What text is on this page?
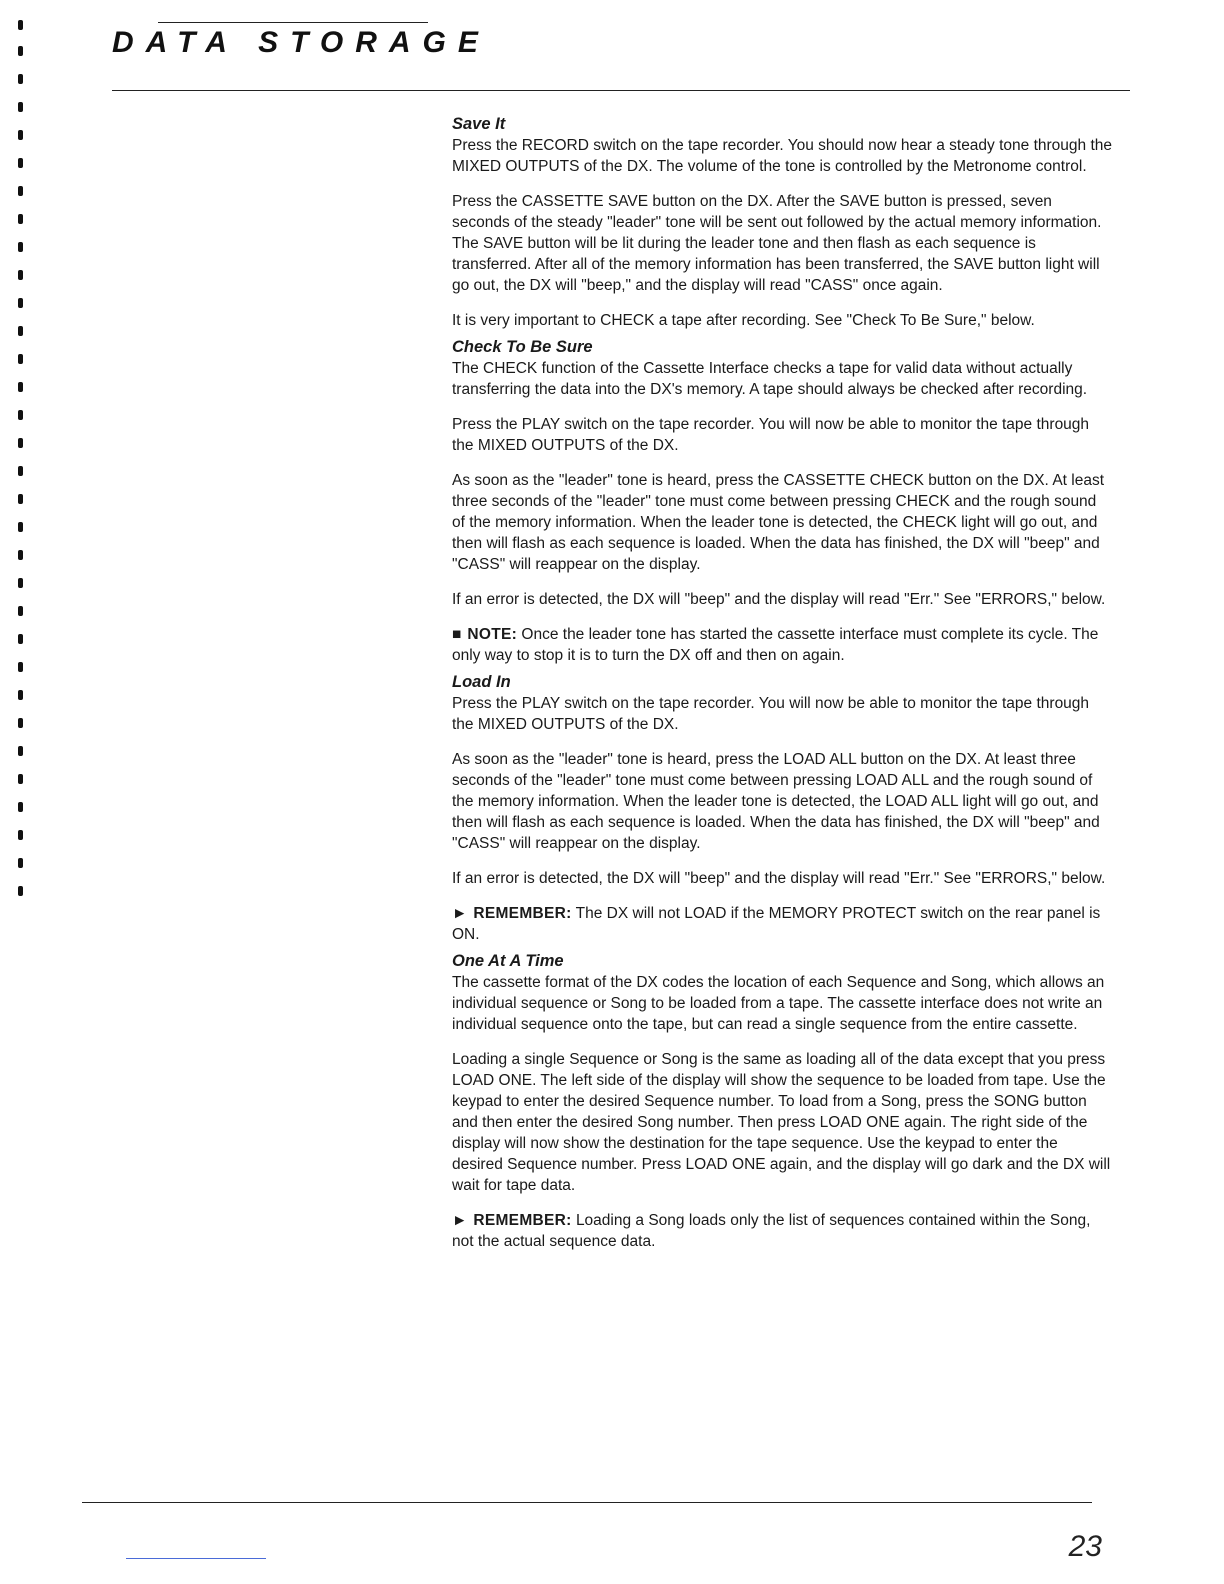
DATA STORAGE
Save It

Press the RECORD switch on the tape recorder. You should now hear a steady tone through the MIXED OUTPUTS of the DX. The volume of the tone is controlled by the Metronome control.

Press the CASSETTE SAVE button on the DX. After the SAVE button is pressed, seven seconds of the steady "leader" tone will be sent out followed by the actual memory information. The SAVE button will be lit during the leader tone and then flash as each sequence is transferred. After all of the memory information has been transferred, the SAVE button light will go out, the DX will "beep," and the display will read "CASS" once again.

It is very important to CHECK a tape after recording. See "Check To Be Sure," below.

Check To Be Sure

The CHECK function of the Cassette Interface checks a tape for valid data without actually transferring the data into the DX's memory. A tape should always be checked after recording.

Press the PLAY switch on the tape recorder. You will now be able to monitor the tape through the MIXED OUTPUTS of the DX.

As soon as the "leader" tone is heard, press the CASSETTE CHECK button on the DX. At least three seconds of the "leader" tone must come between pressing CHECK and the rough sound of the memory information. When the leader tone is detected, the CHECK light will go out, and then will flash as each sequence is loaded. When the data has finished, the DX will "beep" and "CASS" will reappear on the display.

If an error is detected, the DX will "beep" and the display will read "Err." See "ERRORS," below.

■ NOTE: Once the leader tone has started the cassette interface must complete its cycle. The only way to stop it is to turn the DX off and then on again.

Load In

Press the PLAY switch on the tape recorder. You will now be able to monitor the tape through the MIXED OUTPUTS of the DX.

As soon as the "leader" tone is heard, press the LOAD ALL button on the DX. At least three seconds of the "leader" tone must come between pressing LOAD ALL and the rough sound of the memory information. When the leader tone is detected, the LOAD ALL light will go out, and then will flash as each sequence is loaded. When the data has finished, the DX will "beep" and "CASS" will reappear on the display.

If an error is detected, the DX will "beep" and the display will read "Err." See "ERRORS," below.

► REMEMBER: The DX will not LOAD if the MEMORY PROTECT switch on the rear panel is ON.

One At A Time

The cassette format of the DX codes the location of each Sequence and Song, which allows an individual sequence or Song to be loaded from a tape. The cassette interface does not write an individual sequence onto the tape, but can read a single sequence from the entire cassette.

Loading a single Sequence or Song is the same as loading all of the data except that you press LOAD ONE. The left side of the display will show the sequence to be loaded from tape. Use the keypad to enter the desired Sequence number. To load from a Song, press the SONG button and then enter the desired Song number. Then press LOAD ONE again. The right side of the display will now show the destination for the tape sequence. Use the keypad to enter the desired Sequence number. Press LOAD ONE again, and the display will go dark and the DX will wait for tape data.

► REMEMBER: Loading a Song loads only the list of sequences contained within the Song, not the actual sequence data.

23
